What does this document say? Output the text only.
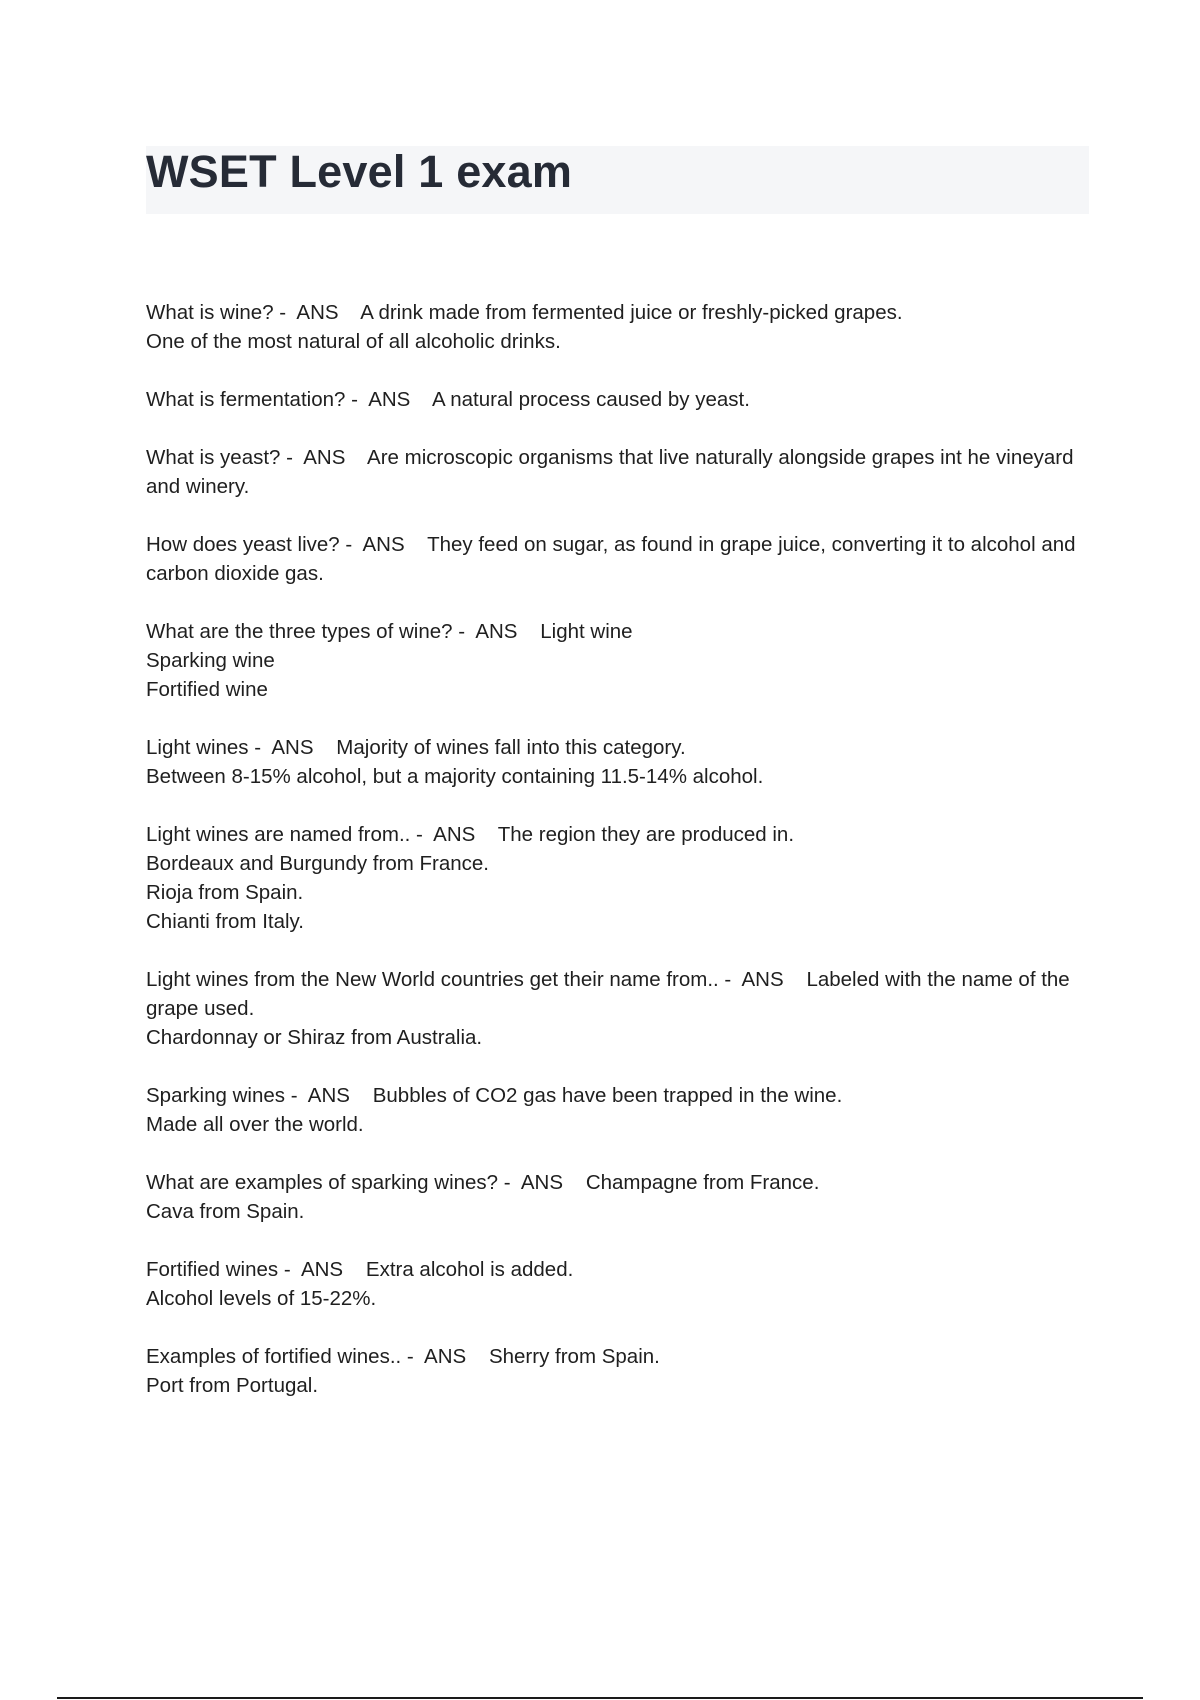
WSET Level 1 exam
What is wine? -  ANS    A drink made from fermented juice or freshly-picked grapes.
One of the most natural of all alcoholic drinks.
What is fermentation? -  ANS    A natural process caused by yeast.
What is yeast? -  ANS    Are microscopic organisms that live naturally alongside grapes int he vineyard and winery.
How does yeast live? -  ANS    They feed on sugar, as found in grape juice, converting it to alcohol and carbon dioxide gas.
What are the three types of wine? -  ANS    Light wine
Sparking wine
Fortified wine
Light wines -  ANS    Majority of wines fall into this category.
Between 8-15% alcohol, but a majority containing 11.5-14% alcohol.
Light wines are named from.. -  ANS    The region they are produced in.
Bordeaux and Burgundy from France.
Rioja from Spain.
Chianti from Italy.
Light wines from the New World countries get their name from.. -  ANS    Labeled with the name of the grape used.
Chardonnay or Shiraz from Australia.
Sparking wines -  ANS    Bubbles of CO2 gas have been trapped in the wine.
Made all over the world.
What are examples of sparking wines? -  ANS    Champagne from France.
Cava from Spain.
Fortified wines -  ANS    Extra alcohol is added.
Alcohol levels of 15-22%.
Examples of fortified wines.. -  ANS    Sherry from Spain.
Port from Portugal.
